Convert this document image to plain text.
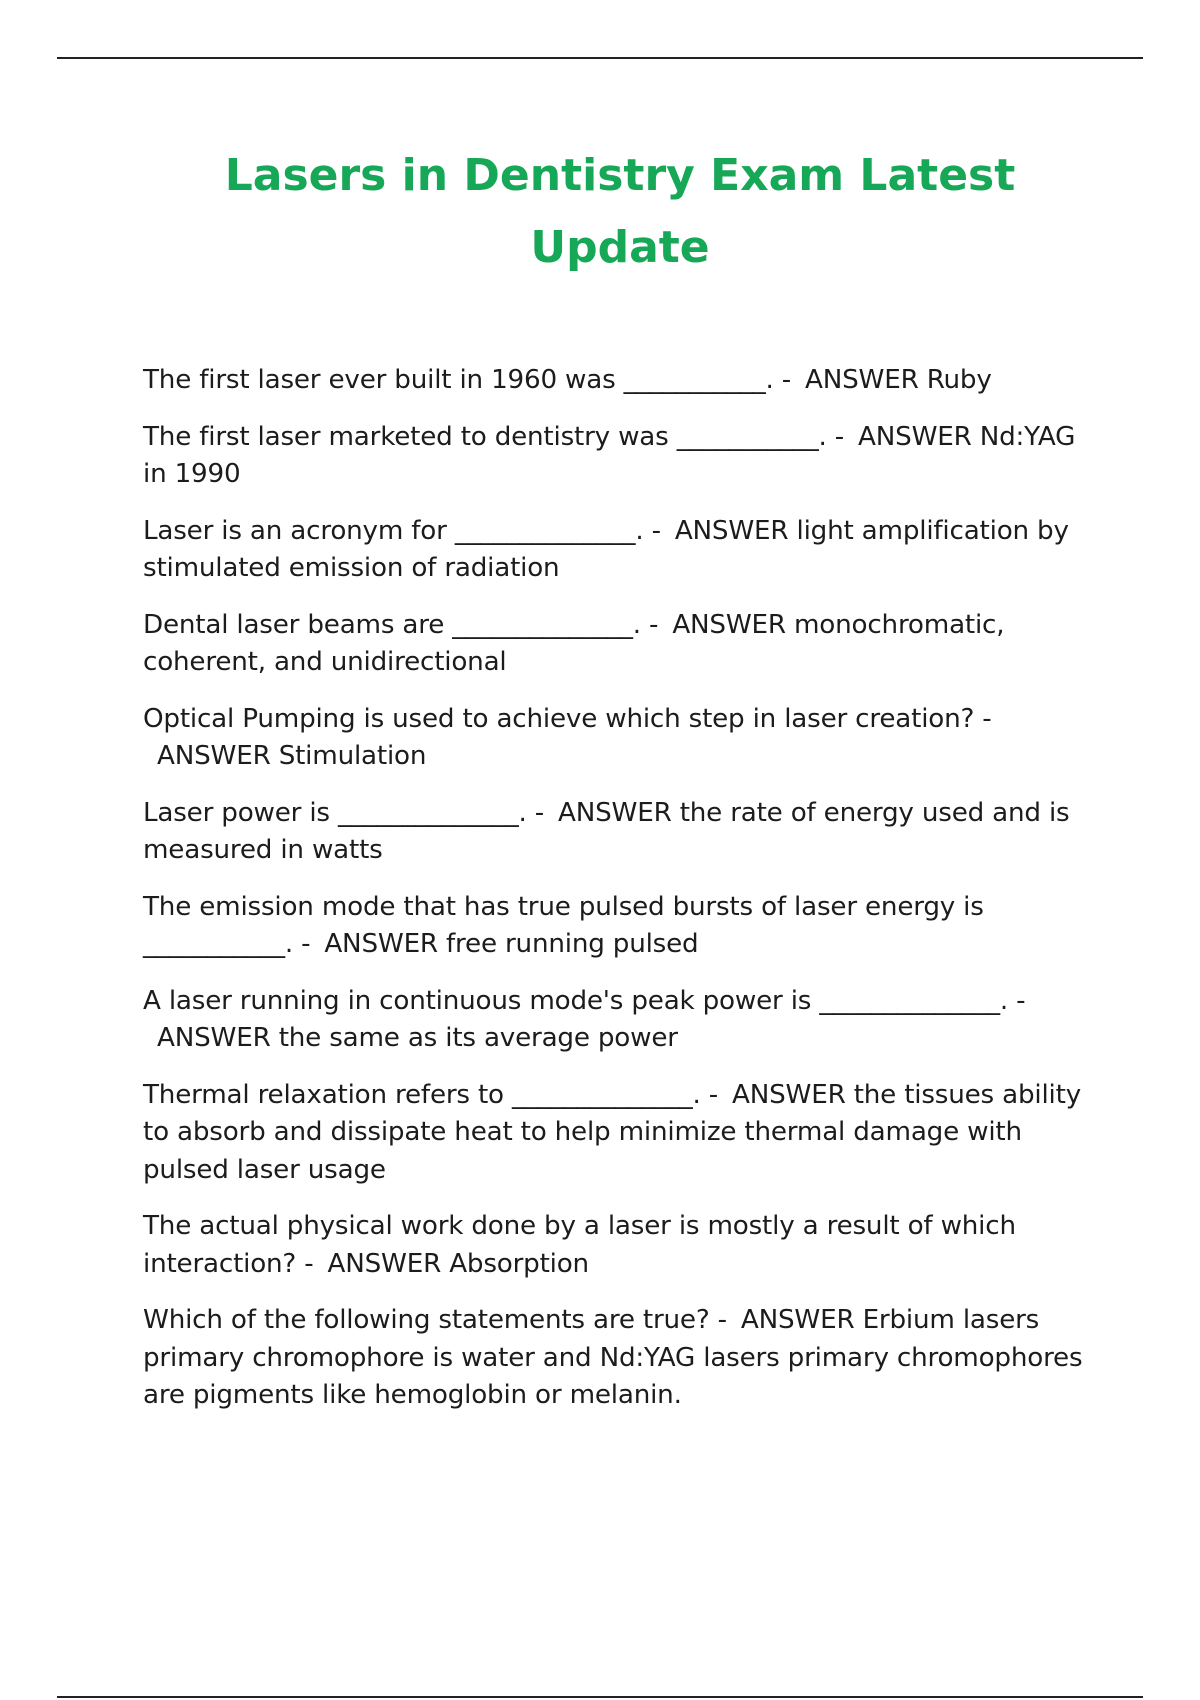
Lasers in Dentistry Exam Latest Update
The first laser ever built in 1960 was ___________. - ANSWER Ruby
The first laser marketed to dentistry was ___________. - ANSWER Nd:YAG in 1990
Laser is an acronym for ______________. - ANSWER light amplification by stimulated emission of radiation
Dental laser beams are ______________. - ANSWER monochromatic, coherent, and unidirectional
Optical Pumping is used to achieve which step in laser creation? -ANSWER Stimulation
Laser power is ______________. - ANSWER the rate of energy used and is measured in watts
The emission mode that has true pulsed bursts of laser energy is ___________. - ANSWER free running pulsed
A laser running in continuous mode's peak power is ______________. -ANSWER the same as its average power
Thermal relaxation refers to ______________. - ANSWER the tissues ability to absorb and dissipate heat to help minimize thermal damage with pulsed laser usage
The actual physical work done by a laser is mostly a result of which interaction? - ANSWER Absorption
Which of the following statements are true? - ANSWER Erbium lasers primary chromophore is water and Nd:YAG lasers primary chromophores are pigments like hemoglobin or melanin.
